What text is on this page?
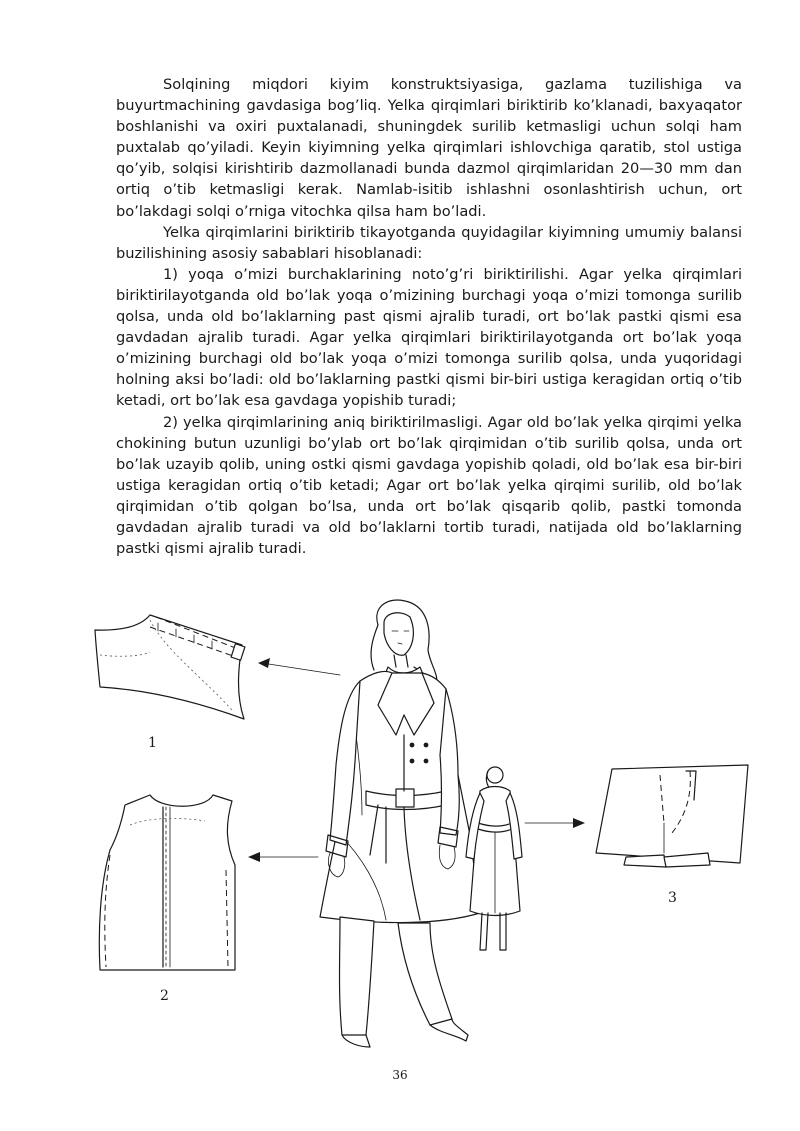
Solqining miqdori kiyim konstruktsiyasiga, gazlama tuzilishiga va buyurtmachining gavdasiga bog’liq. Yelka qirqimlari biriktirib ko’klanadi, baxyaqator boshlanishi va oxiri puxtalanadi, shuningdek surilib ketmasligi uchun solqi ham puxtalab qo’yiladi. Keyin kiyimning yelka qirqimlari ishlovchiga qaratib, stol ustiga qo’yib, solqisi kirishtirib dazmollanadi bunda dazmol qirqimlaridan 20—30 mm dan ortiq o’tib ketmasligi kerak. Namlab-isitib ishlashni osonlashtirish uchun, ort bo’lakdagi solqi o’rniga vitochka qilsa ham bo’ladi.

Yelka qirqimlarini biriktirib tikayotganda quyidagilar kiyimning umumiy balansi buzilishining asosiy sabablari hisoblanadi:

1) yoqa o’mizi burchaklarining noto’g’ri biriktirilishi. Agar yelka qirqimlari biriktirilayotganda old bo’lak yoqa o’mizining burchagi yoqa o’mizi tomonga surilib qolsa, unda old bo’laklarning past qismi ajralib turadi, ort bo’lak pastki qismi esa gavdadan ajralib turadi. Agar yelka qirqimlari biriktirilayotganda ort bo’lak yoqa o’mizining burchagi old bo’lak yoqa o’mizi tomonga surilib qolsa, unda yuqoridagi holning aksi bo’ladi: old bo’laklarning pastki qismi bir-biri ustiga keragidan ortiq o’tib ketadi, ort bo’lak esa gavdaga yopishib turadi;

2) yelka qirqimlarining aniq biriktirilmasligi. Agar old bo’lak yelka qirqimi yelka chokining butun uzunligi bo’ylab ort bo’lak qirqimidan o’tib surilib qolsa, unda ort bo’lak uzayib qolib, uning ostki qismi gavdaga yopishib qoladi, old bo’lak esa bir-biri ustiga keragidan ortiq o’tib ketadi; Agar ort bo’lak yelka qirqimi surilib, old bo’lak qirqimidan o’tib qolgan bo’lsa, unda ort bo’lak qisqarib qolib, pastki tomonda gavdadan ajralib turadi va old bo’laklarni tortib turadi, natijada old bo’laklarning pastki qismi ajralib turadi.

1
2
3
36
